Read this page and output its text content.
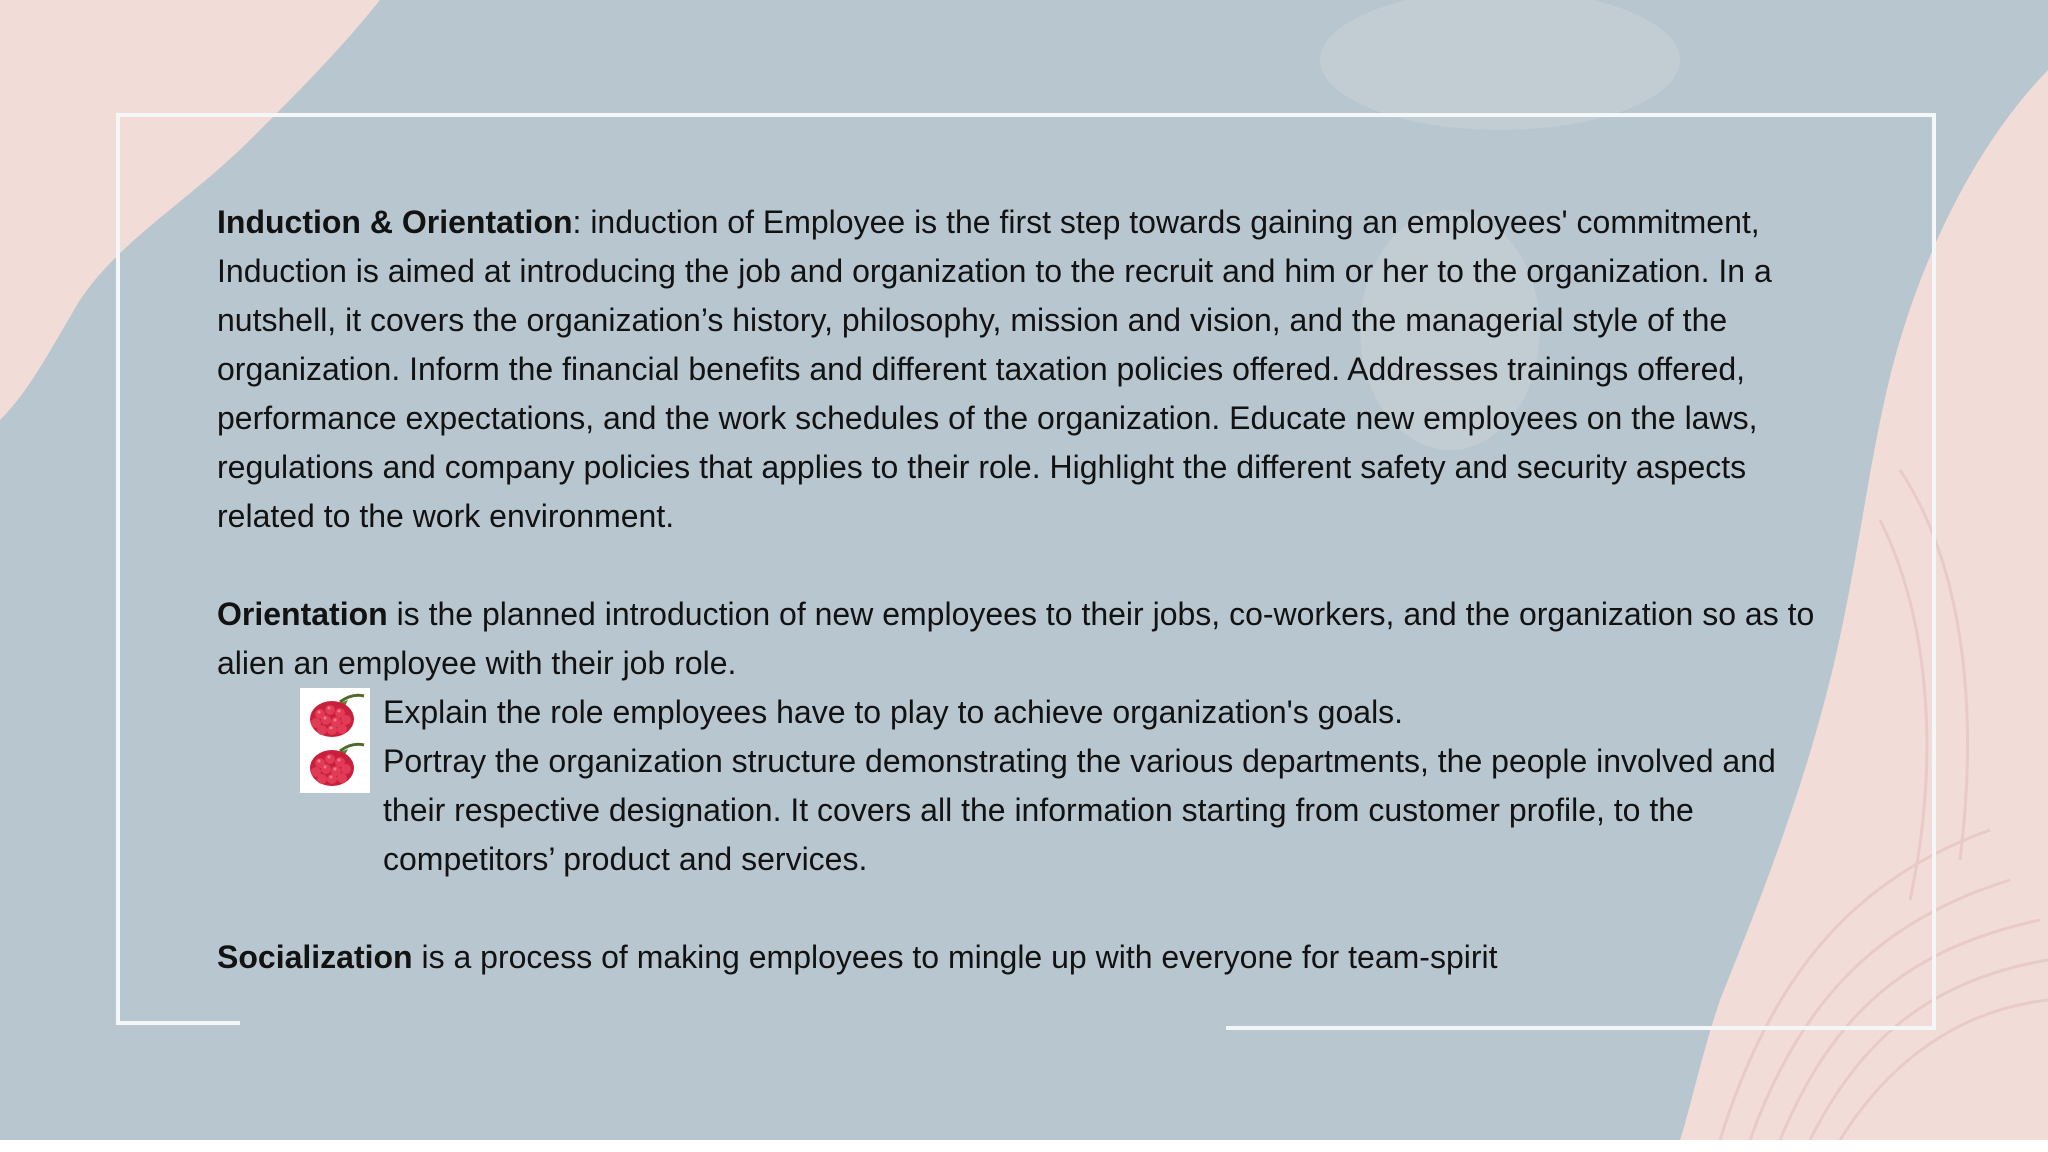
Induction & Orientation: induction of Employee is the first step towards gaining an employees' commitment, Induction is aimed at introducing the job and organization to the recruit and him or her to the organization. In a nutshell, it covers the organization’s history, philosophy, mission and vision, and the managerial style of the organization. Inform the financial benefits and different taxation policies offered. Addresses trainings offered, performance expectations, and the work schedules of the organization. Educate new employees on the laws, regulations and company policies that applies to their role. Highlight the different safety and security aspects related to the work environment.

Orientation is the planned introduction of new employees to their jobs, co-workers, and the organization so as to alien an employee with their job role.

Explain the role employees have to play to achieve organization's goals.
Portray the organization structure demonstrating the various departments, the people involved and their respective designation. It covers all the information starting from customer profile, to the competitors’ product and services.

Socialization is a process of making employees to mingle up with everyone for team-spirit
